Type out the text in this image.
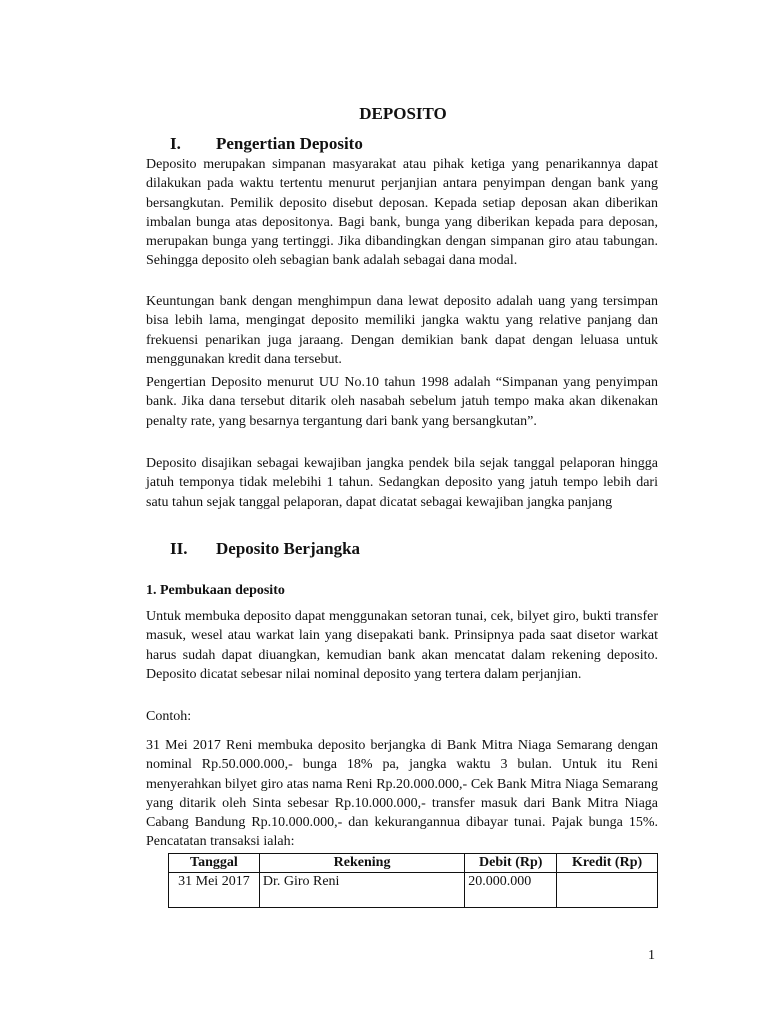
DEPOSITO
I. Pengertian Deposito

Deposito merupakan simpanan masyarakat atau pihak ketiga yang penarikannya dapat dilakukan pada waktu tertentu menurut perjanjian antara penyimpan dengan bank yang bersangkutan. Pemilik deposito disebut deposan. Kepada setiap deposan akan diberikan imbalan bunga atas depositonya. Bagi bank, bunga yang diberikan kepada para deposan, merupakan bunga yang tertinggi. Jika dibandingkan dengan simpanan giro atau tabungan. Sehingga deposito oleh sebagian bank adalah sebagai dana modal.

Keuntungan bank dengan menghimpun dana lewat deposito adalah uang yang tersimpan bisa lebih lama, mengingat deposito memiliki jangka waktu yang relative panjang dan frekuensi penarikan juga jaraang. Dengan demikian bank dapat dengan leluasa untuk menggunakan kredit dana tersebut.

Pengertian Deposito menurut UU No.10 tahun 1998 adalah “Simpanan yang penyimpan bank. Jika dana tersebut ditarik oleh nasabah sebelum jatuh tempo maka akan dikenakan penalty rate, yang besarnya tergantung dari bank yang bersangkutan”.

Deposito disajikan sebagai kewajiban jangka pendek bila sejak tanggal pelaporan hingga jatuh temponya tidak melebihi 1 tahun. Sedangkan deposito yang jatuh tempo lebih dari satu tahun sejak tanggal pelaporan, dapat dicatat sebagai kewajiban jangka panjang

II. Deposito Berjangka

1. Pembukaan deposito

Untuk membuka deposito dapat menggunakan setoran tunai, cek, bilyet giro, bukti transfer masuk, wesel atau warkat lain yang disepakati bank. Prinsipnya pada saat disetor warkat harus sudah dapat diuangkan, kemudian bank akan mencatat dalam rekening deposito. Deposito dicatat sebesar nilai nominal deposito yang tertera dalam perjanjian.

Contoh:

31 Mei 2017 Reni membuka deposito berjangka di Bank Mitra Niaga Semarang dengan nominal Rp.50.000.000,- bunga 18% pa, jangka waktu 3 bulan. Untuk itu Reni menyerahkan bilyet giro atas nama Reni Rp.20.000.000,- Cek Bank Mitra Niaga Semarang yang ditarik oleh Sinta sebesar Rp.10.000.000,- transfer masuk dari Bank Mitra Niaga Cabang Bandung Rp.10.000.000,- dan kekurangannua dibayar tunai. Pajak bunga 15%. Pencatatan transaksi ialah:

Tanggal	Rekening	Debit (Rp)	Kredit (Rp)
31 Mei 2017	Dr. Giro Reni	20.000.000	

1
